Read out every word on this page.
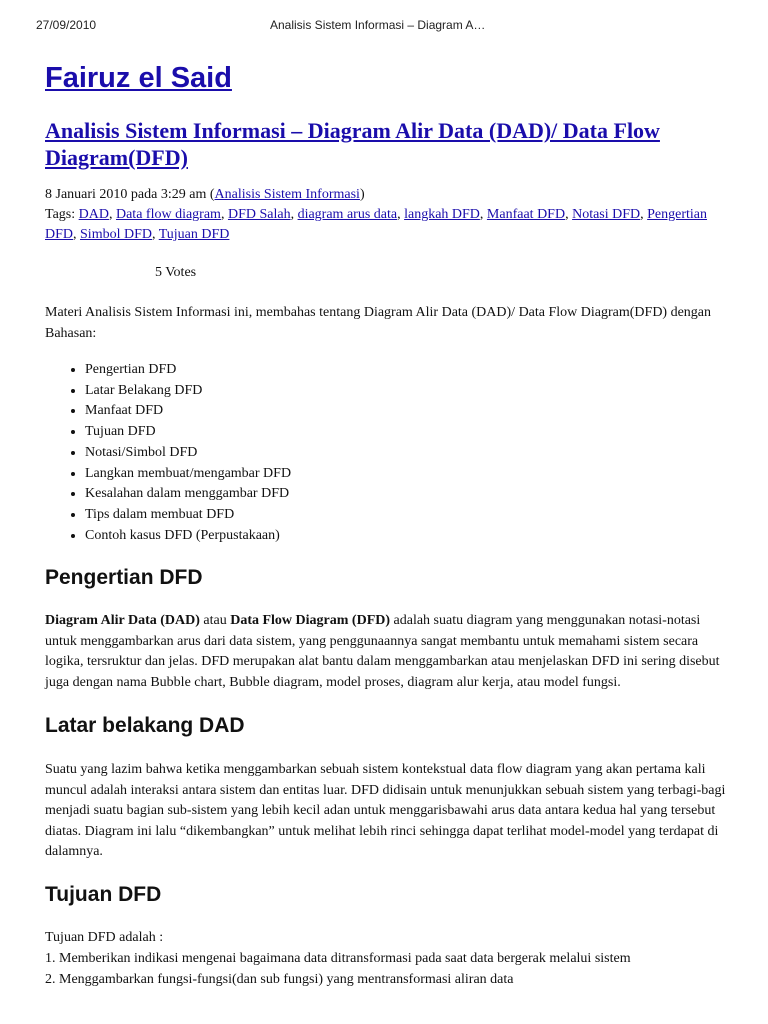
27/09/2010	Analisis Sistem Informasi – Diagram A…
Fairuz el Said
Analisis Sistem Informasi – Diagram Alir Data (DAD)/ Data Flow Diagram(DFD)
8 Januari 2010 pada 3:29 am (Analisis Sistem Informasi)
Tags: DAD, Data flow diagram, DFD Salah, diagram arus data, langkah DFD, Manfaat DFD, Notasi DFD, Pengertian DFD, Simbol DFD, Tujuan DFD
5 Votes

Materi Analisis Sistem Informasi ini, membahas tentang Diagram Alir Data (DAD)/ Data Flow Diagram(DFD) dengan Bahasan:

• Pengertian DFD
• Latar Belakang DFD
• Manfaat DFD
• Tujuan DFD
• Notasi/Simbol DFD
• Langkan membuat/mengambar DFD
• Kesalahan dalam menggambar DFD
• Tips dalam membuat DFD
• Contoh kasus DFD (Perpustakaan)
Pengertian DFD

Diagram Alir Data (DAD) atau Data Flow Diagram (DFD) adalah suatu diagram yang menggunakan notasi-notasi untuk menggambarkan arus dari data sistem, yang penggunaannya sangat membantu untuk memahami sistem secara logika, tersruktur dan jelas. DFD merupakan alat bantu dalam menggambarkan atau menjelaskan DFD ini sering disebut juga dengan nama Bubble chart, Bubble diagram, model proses, diagram alur kerja, atau model fungsi.

Latar belakang DAD

Suatu yang lazim bahwa ketika menggambarkan sebuah sistem kontekstual data flow diagram yang akan pertama kali muncul adalah interaksi antara sistem dan entitas luar. DFD didisain untuk menunjukkan sebuah sistem yang terbagi-bagi menjadi suatu bagian sub-sistem yang lebih kecil adan untuk menggarisbawahi arus data antara kedua hal yang tersebut diatas. Diagram ini lalu “dikembangkan” untuk melihat lebih rinci sehingga dapat terlihat model-model yang terdapat di dalamnya.

Tujuan DFD
Tujuan DFD adalah :
1. Memberikan indikasi mengenai bagaimana data ditransformasi pada saat data bergerak melalui sistem
2. Menggambarkan fungsi-fungsi(dan sub fungsi) yang mentransformasi aliran data
